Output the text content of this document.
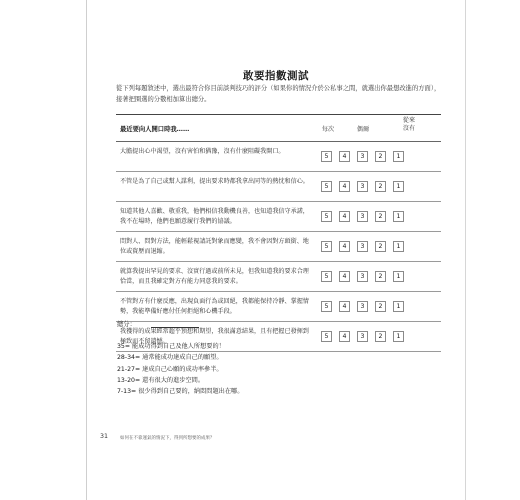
敢要指數測試
從下列每題敘述中，選出最符合你目前談判技巧的評分（如果你的情況介於公私事之間，就選出你最想改進的方面），接著把圈選的分數相加算出總分。
最近要向人開口時我……	每次	偶爾
從來沒有
大膽提出心中渴望，沒有害怕和猶豫，沒有什麼阻礙我開口。
5	4	3	2	1
不管是為了自己或幫人謀利，提出要求時都我拿出同等的熱忱和信心。
5	4	3	2	1
知道其他人喜歡、敬重我，他們相信我動機良善，也知道我信守承諾，我不在場時，他們也願意履行我們的協議。
5	4	3	2	1
問對人、問對方法，能輕鬆視請託對象而應變，我不會因對方頭銜、地位或資歷而退縮。
5	4	3	2	1
就算我提出罕見的要求、沒實行過或前所未見，但我知道我的要求合理恰當，而且我確定對方有能力同意我的要求。
5	4	3	2	1
不管對方有什麼反應，出現負面行為或回絕，我都能保持冷靜、掌握情勢，我能準備好應付任何拒絕和心機手段。
5	4	3	2	1
我獲得的成果經常超乎預想和期望，我很滿意結果，且有把握已發揮到極致而不留遺憾。
5	4	3	2	1
總分：
35= 能成功得到自己及他人所想要的！
28-34= 通常能成功達成自己的願望。
21-27= 達成自己心願的成功率參半。
13-20= 還有很大的進步空間。
7-13= 很少得到自己要的，納悶問題出在哪。
31	如何在不靠運氣的情況下，得到所想要的成果？
